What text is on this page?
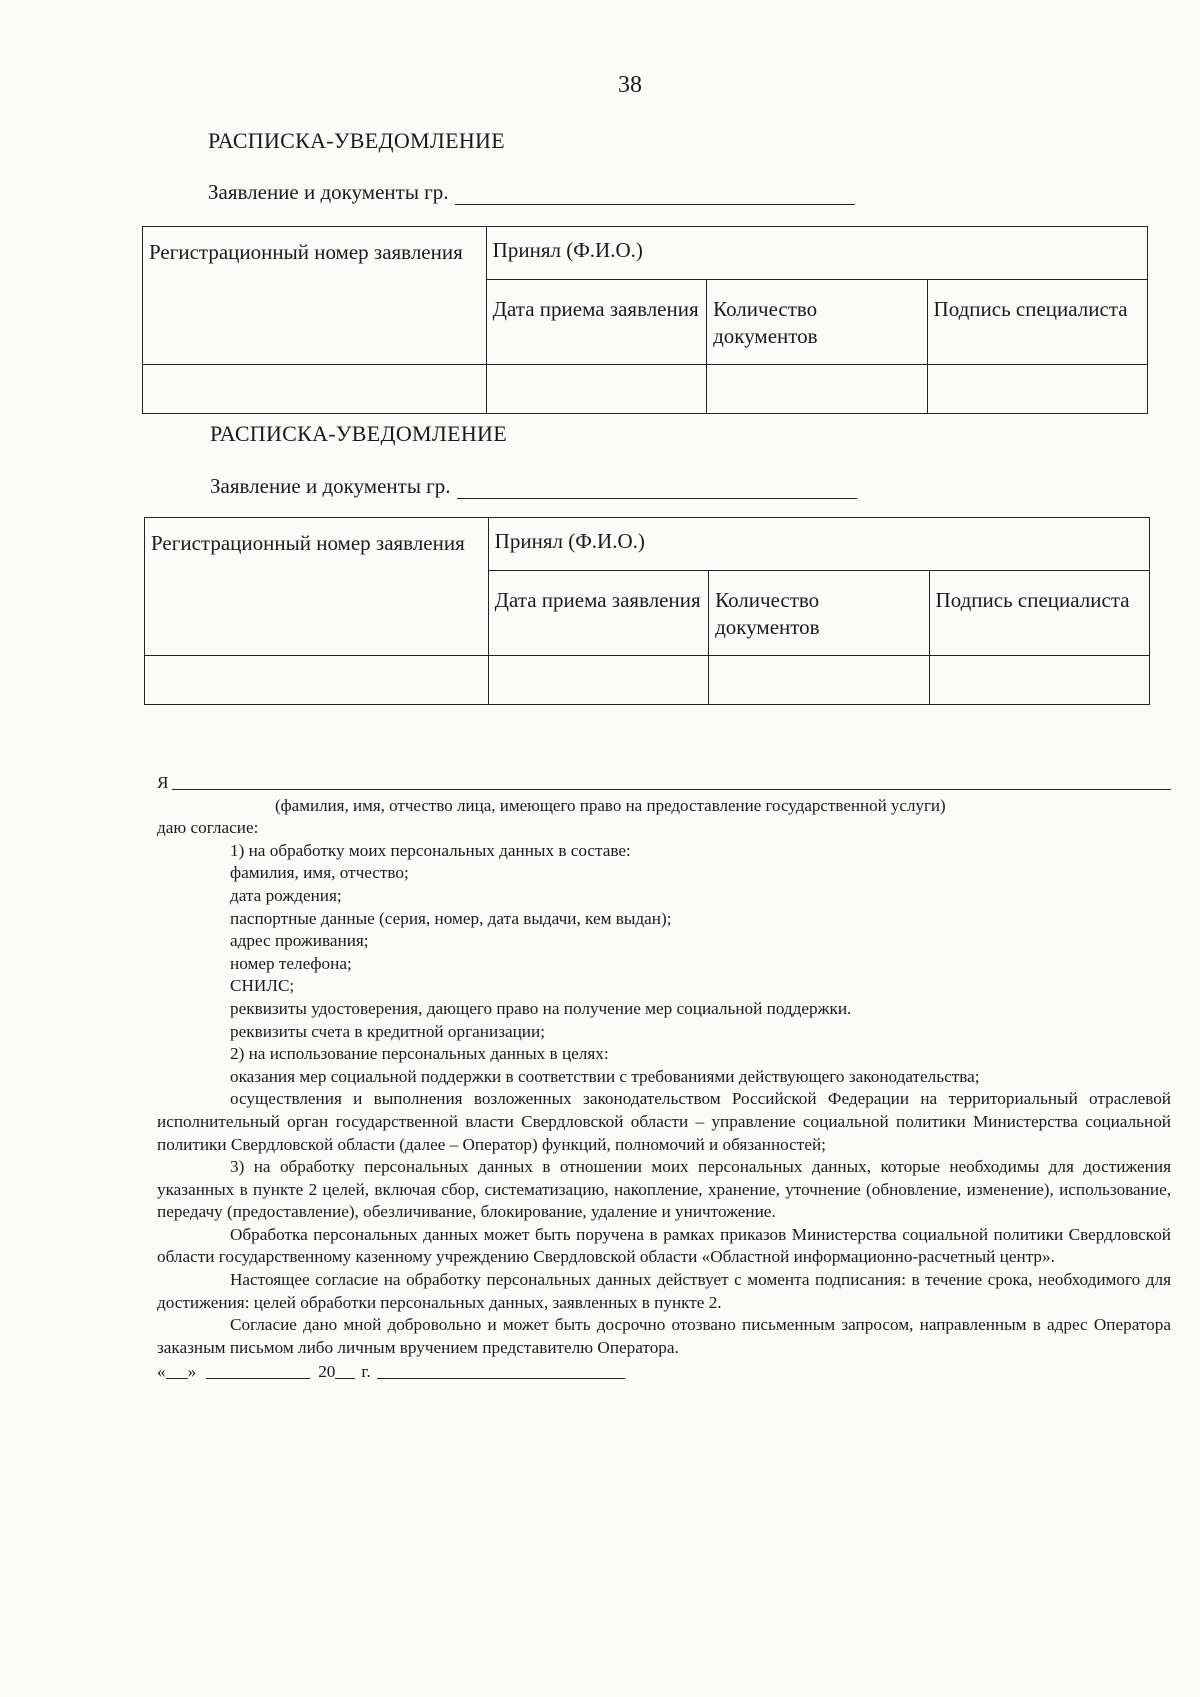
38
РАСПИСКА-УВЕДОМЛЕНИЕ
Заявление и документы гр.
Регистрационный номер заявления	Принял (Ф.И.О.)		
	Дата приема заявления	Количество документов	Подпись специалиста

РАСПИСКА-УВЕДОМЛЕНИЕ
Заявление и документы гр.
Регистрационный номер заявления	Принял (Ф.И.О.)		
	Дата приема заявления	Количество документов	Подпись специалиста

Я
(фамилия, имя, отчество лица, имеющего право на предоставление государственной услуги)
даю согласие:
1) на обработку моих персональных данных в составе:
фамилия, имя, отчество;
дата рождения;
паспортные данные (серия, номер, дата выдачи, кем выдан);
адрес проживания;
номер телефона;
СНИЛС;
реквизиты удостоверения, дающего право на получение мер социальной поддержки.
реквизиты счета в кредитной организации;
2) на использование персональных данных в целях:
оказания мер социальной поддержки в соответствии с требованиями действующего законодательства;
осуществления и выполнения возложенных законодательством Российской Федерации на территориальный отраслевой исполнительный орган государственной власти Свердловской области – управление социальной политики Министерства социальной политики Свердловской области (далее – Оператор) функций, полномочий и обязанностей;
3) на обработку персональных данных в отношении моих персональных данных, которые необходимы для достижения указанных в пункте 2 целей, включая сбор, систематизацию, накопление, хранение, уточнение (обновление, изменение), использование, передачу (предоставление), обезличивание, блокирование, удаление и уничтожение.
Обработка персональных данных может быть поручена в рамках приказов Министерства социальной политики Свердловской области государственному казенному учреждению Свердловской области «Областной информационно-расчетный центр».
Настоящее согласие на обработку персональных данных действует с момента подписания: в течение срока, необходимого для достижения: целей обработки персональных данных, заявленных в пункте 2.
Согласие дано мной добровольно и может быть досрочно отозвано письменным запросом, направленным в адрес Оператора заказным письмом либо личным вручением представителю Оператора.
« »	20 г.
